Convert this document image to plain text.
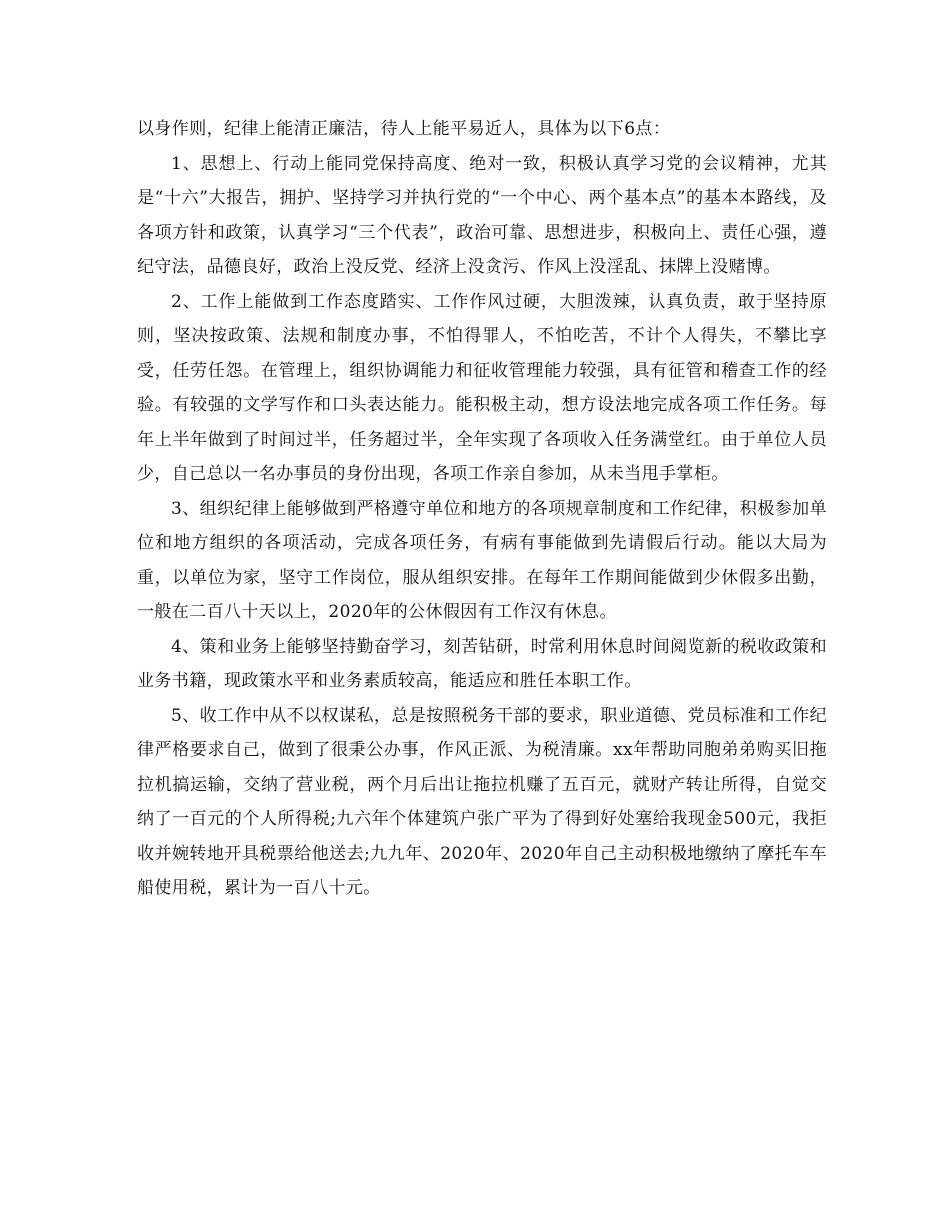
以身作则，纪律上能清正廉洁，待人上能平易近人，具体为以下6点：

1、思想上、行动上能同党保持高度、绝对一致，积极认真学习党的会议精神，尤其是“十六”大报告，拥护、坚持学习并执行党的“一个中心、两个基本点”的基本本路线，及各项方针和政策，认真学习“三个代表”，政治可靠、思想进步，积极向上、责任心强，遵纪守法，品德良好，政治上没反党、经济上没贪污、作风上没淫乱、抹牌上没赌博。

2、工作上能做到工作态度踏实、工作作风过硬，大胆泼辣，认真负责，敢于坚持原则，坚决按政策、法规和制度办事，不怕得罪人，不怕吃苦，不计个人得失，不攀比享受，任劳任怨。在管理上，组织协调能力和征收管理能力较强，具有征管和稽查工作的经验。有较强的文学写作和口头表达能力。能积极主动，想方设法地完成各项工作任务。每年上半年做到了时间过半，任务超过半，全年实现了各项收入任务满堂红。由于单位人员少，自己总以一名办事员的身份出现，各项工作亲自参加，从未当甩手掌柜。

3、组织纪律上能够做到严格遵守单位和地方的各项规章制度和工作纪律，积极参加单位和地方组织的各项活动，完成各项任务，有病有事能做到先请假后行动。能以大局为重，以单位为家，坚守工作岗位，服从组织安排。在每年工作期间能做到少休假多出勤，一般在二百八十天以上，2020年的公休假因有工作汉有休息。

4、策和业务上能够坚持勤奋学习，刻苦钻研，时常利用休息时间阅览新的税收政策和业务书籍，现政策水平和业务素质较高，能适应和胜任本职工作。

5、收工作中从不以权谋私，总是按照税务干部的要求，职业道德、党员标准和工作纪律严格要求自己，做到了很秉公办事，作风正派、为税清廉。xx年帮助同胞弟弟购买旧拖拉机搞运输，交纳了营业税，两个月后出让拖拉机赚了五百元，就财产转让所得，自觉交纳了一百元的个人所得税;九六年个体建筑户张广平为了得到好处塞给我现金500元，我拒收并婉转地开具税票给他送去;九九年、2020年、2020年自己主动积极地缴纳了摩托车车船使用税，累计为一百八十元。
